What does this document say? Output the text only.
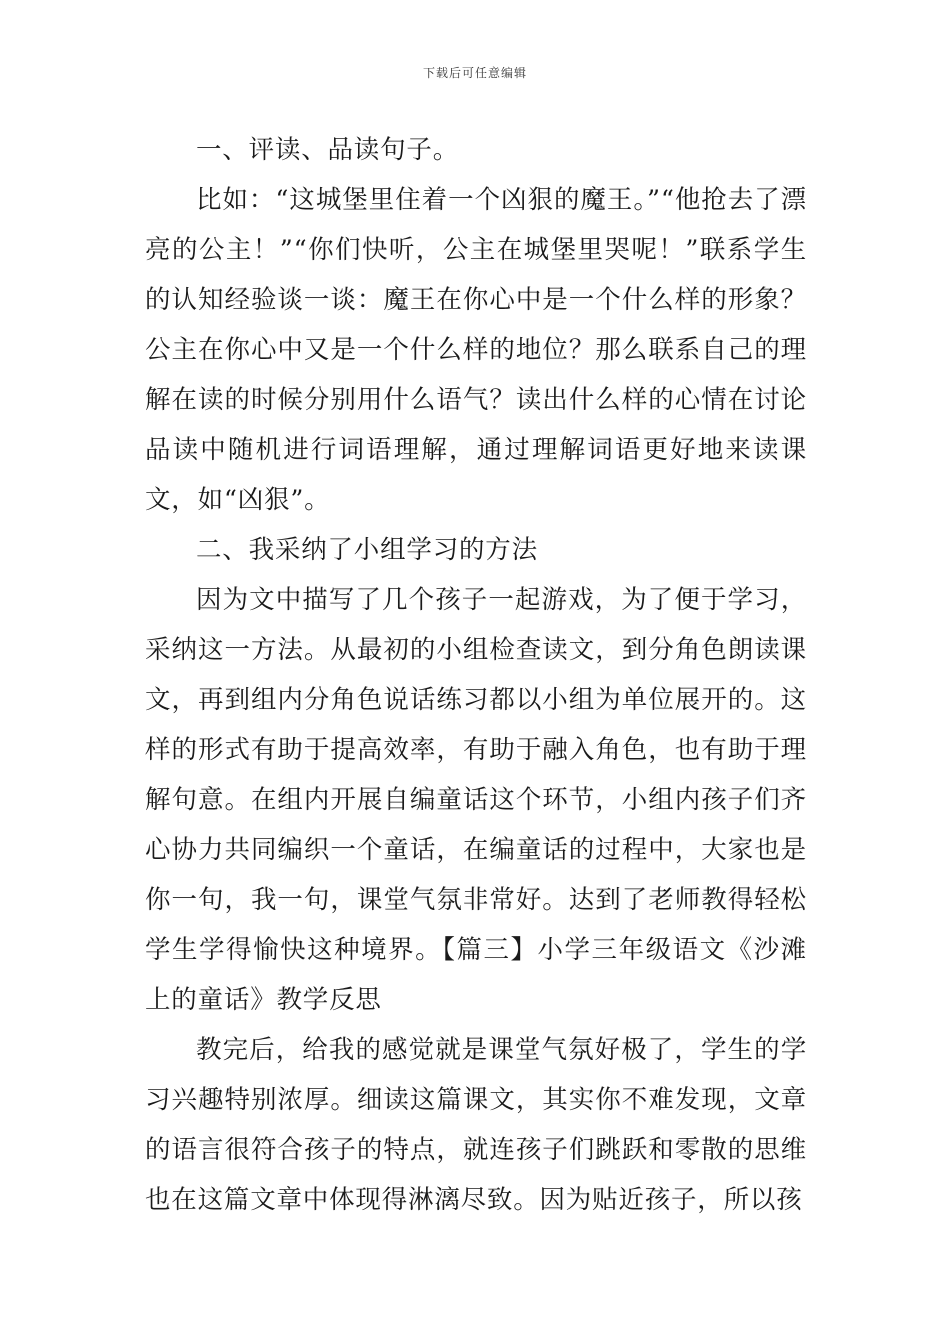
下载后可任意编辑

一、评读、品读句子。

比如：“这城堡里住着一个凶狠的魔王。”“他抢去了漂亮的公主！”“你们快听，公主在城堡里哭呢！”联系学生的认知经验谈一谈：魔王在你心中是一个什么样的形象？公主在你心中又是一个什么样的地位？那么联系自己的理解在读的时候分别用什么语气？读出什么样的心情在讨论品读中随机进行词语理解，通过理解词语更好地来读课文，如“凶狠”。

二、我采纳了小组学习的方法

因为文中描写了几个孩子一起游戏，为了便于学习，采纳这一方法。从最初的小组检查读文，到分角色朗读课文，再到组内分角色说话练习都以小组为单位展开的。这样的形式有助于提高效率，有助于融入角色，也有助于理解句意。在组内开展自编童话这个环节，小组内孩子们齐心协力共同编织一个童话，在编童话的过程中，大家也是你一句，我一句，课堂气氛非常好。达到了老师教得轻松学生学得愉快这种境界。【篇三】小学三年级语文《沙滩上的童话》教学反思

教完后，给我的感觉就是课堂气氛好极了，学生的学习兴趣特别浓厚。细读这篇课文，其实你不难发现，文章的语言很符合孩子的特点，就连孩子们跳跃和零散的思维也在这篇文章中体现得淋漓尽致。因为贴近孩子，所以孩
